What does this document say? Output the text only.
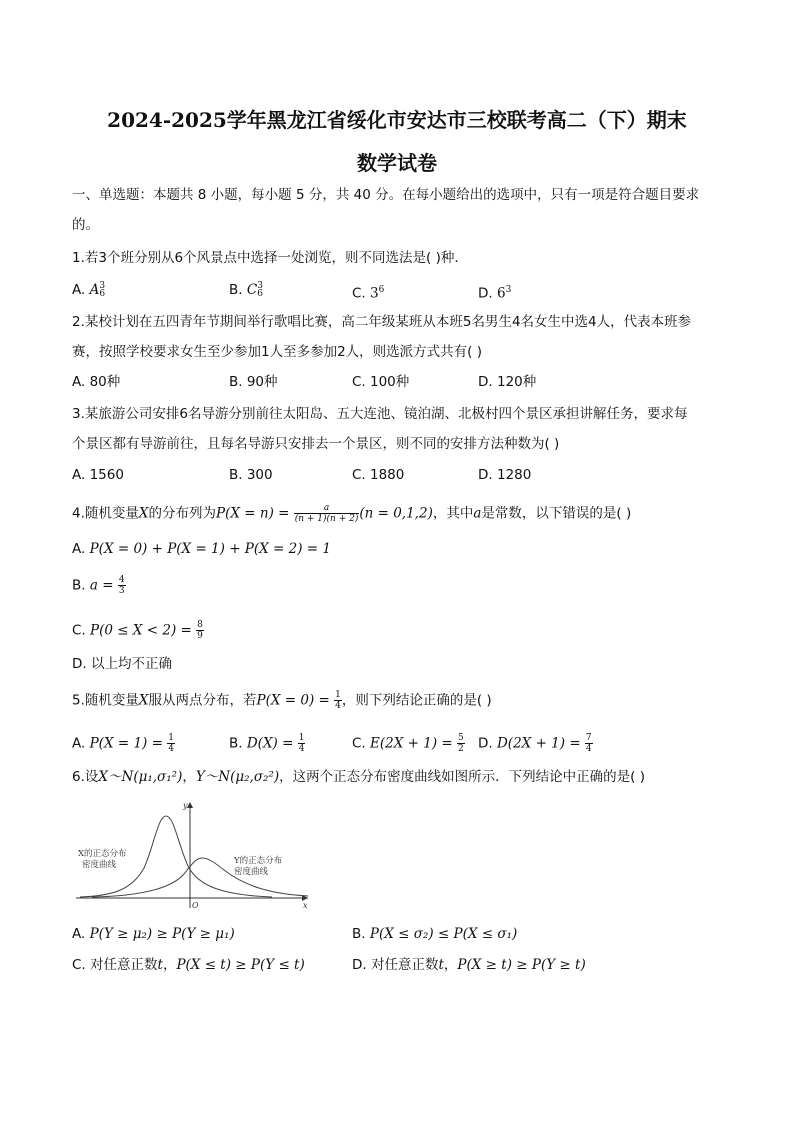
2024-2025学年黑龙江省绥化市安达市三校联考高二（下）期末
数学试卷
一、单选题：本题共 8 小题，每小题 5 分，共 40 分。在每小题给出的选项中，只有一项是符合题目要求
的。
1.若3个班分别从6个风景点中选择一处浏览，则不同选法是( )种．
A. A 3
6	B. C 3
6	C. $3^6$	D. $6^3$
2.某校计划在五四青年节期间举行歌唱比赛，高二年级某班从本班5名男生4名女生中选4人，代表本班参
赛，按照学校要求女生至少参加1人至多参加2人，则选派方式共有( )
A. 80种	B. 90种	C. 100种	D. 120种
3.某旅游公司安排6名导游分别前往太阳岛、五大连池、镜泊湖、北极村四个景区承担讲解任务，要求每
个景区都有导游前往，且每名导游只安排去一个景区，则不同的安排方法种数为( )
A. 1560	B. 300	C. 1880	D. 1280
4.随机变量X的分布列为$P(X = n) = \frac{a}{(n + 1)(n + 2)} (n = 0,1,2)$，其中a是常数，以下错误的是( )
A. P(X = 0) + P(X = 1) + P(X = 2) = 1
B. $a = \frac{4}{3}$
C. $P(0 \le X < 2) = \frac{8}{9}$
D. 以上均不正确
5.随机变量X服从两点分布，若$P(X = 0) = \frac{1}{4}$ ，则下列结论正确的是( )
A. $P(X = 1) = \frac{1}{4}$	B. $D(X) = \frac{1}{4}$	C. $E(2X + 1) = \frac{5}{2} D$. $D(2X + 1) = \frac{7}{4}$
6.设X～N(μ₁,σ₁²)，Y～N(μ₂,σ₂²)，这两个正态分布密度曲线如图所示．下列结论中正确的是( )
X的正态分布
密度曲线	Y的正态分布
密度曲线
y
x
O
A. P(Y ≥ μ₂) ≥ P(Y ≥ μ₁)	B. P(X ≤ σ₂) ≤ P(X ≤ σ₁)
C. 对任意正数t，P(X ≤ t) ≥ P(Y ≤ t)	D. 对任意正数t，P(X ≥ t) ≥ P(Y ≥ t)
